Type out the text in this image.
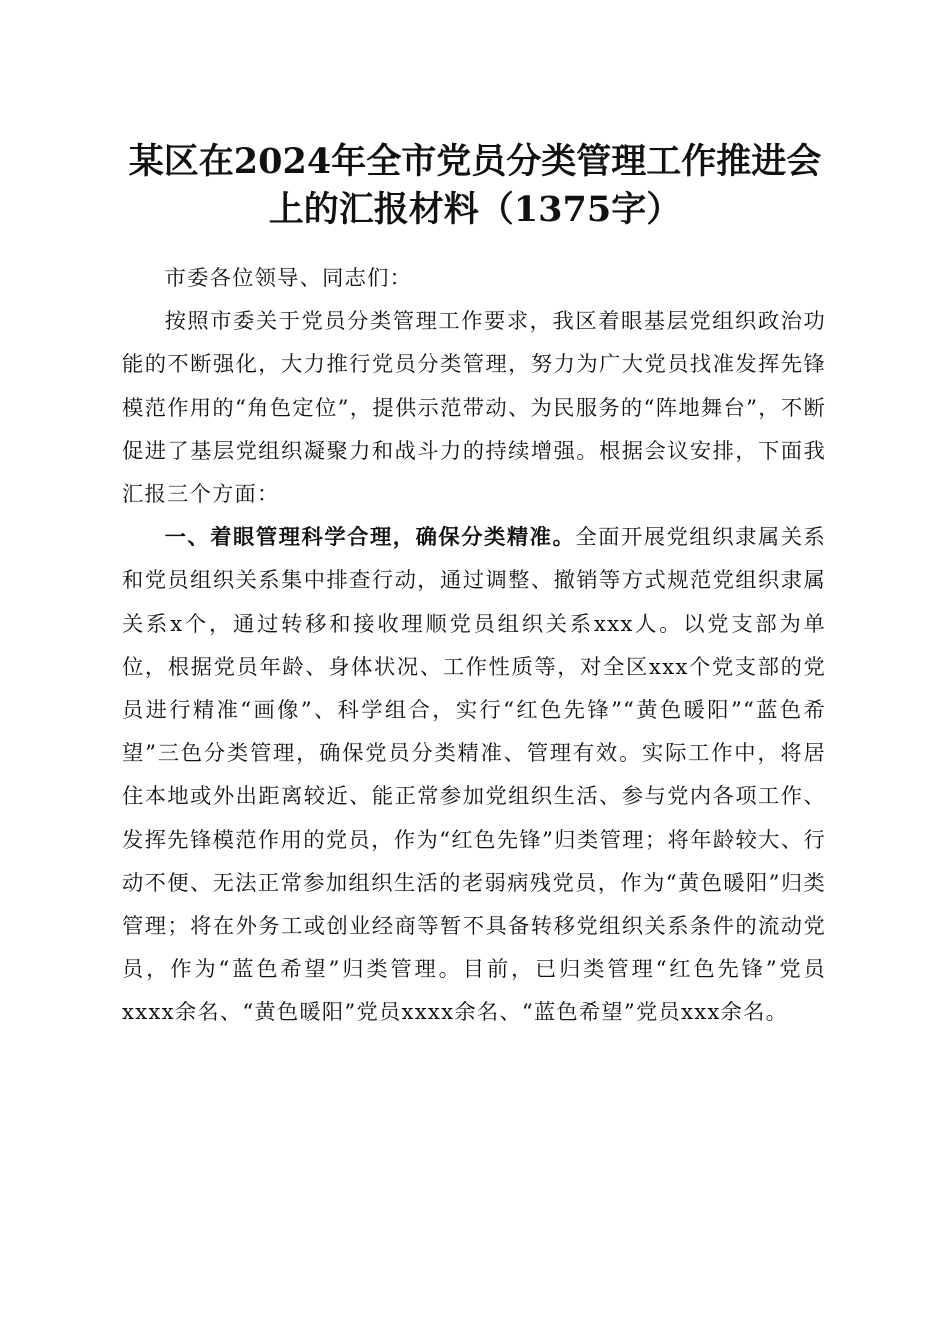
某区在2024年全市党员分类管理工作推进会
上的汇报材料（1375字）

市委各位领导、同志们：

按照市委关于党员分类管理工作要求，我区着眼基层党组织政治功能的不断强化，大力推行党员分类管理，努力为广大党员找准发挥先锋模范作用的“角色定位”，提供示范带动、为民服务的“阵地舞台”，不断促进了基层党组织凝聚力和战斗力的持续增强。根据会议安排，下面我汇报三个方面：

一、着眼管理科学合理，确保分类精准。全面开展党组织隶属关系和党员组织关系集中排查行动，通过调整、撤销等方式规范党组织隶属关系x个，通过转移和接收理顺党员组织关系xxx人。以党支部为单位，根据党员年龄、身体状况、工作性质等，对全区xxx个党支部的党员进行精准“画像”、科学组合，实行“红色先锋”“黄色暖阳”“蓝色希望”三色分类管理，确保党员分类精准、管理有效。实际工作中，将居住本地或外出距离较近、能正常参加党组织生活、参与党内各项工作、发挥先锋模范作用的党员，作为“红色先锋”归类管理；将年龄较大、行动不便、无法正常参加组织生活的老弱病残党员，作为“黄色暖阳”归类管理；将在外务工或创业经商等暂不具备转移党组织关系条件的流动党员，作为“蓝色希望”归类管理。目前，已归类管理“红色先锋”党员xxxx余名、“黄色暖阳”党员xxxx余名、“蓝色希望”党员xxx余名。
